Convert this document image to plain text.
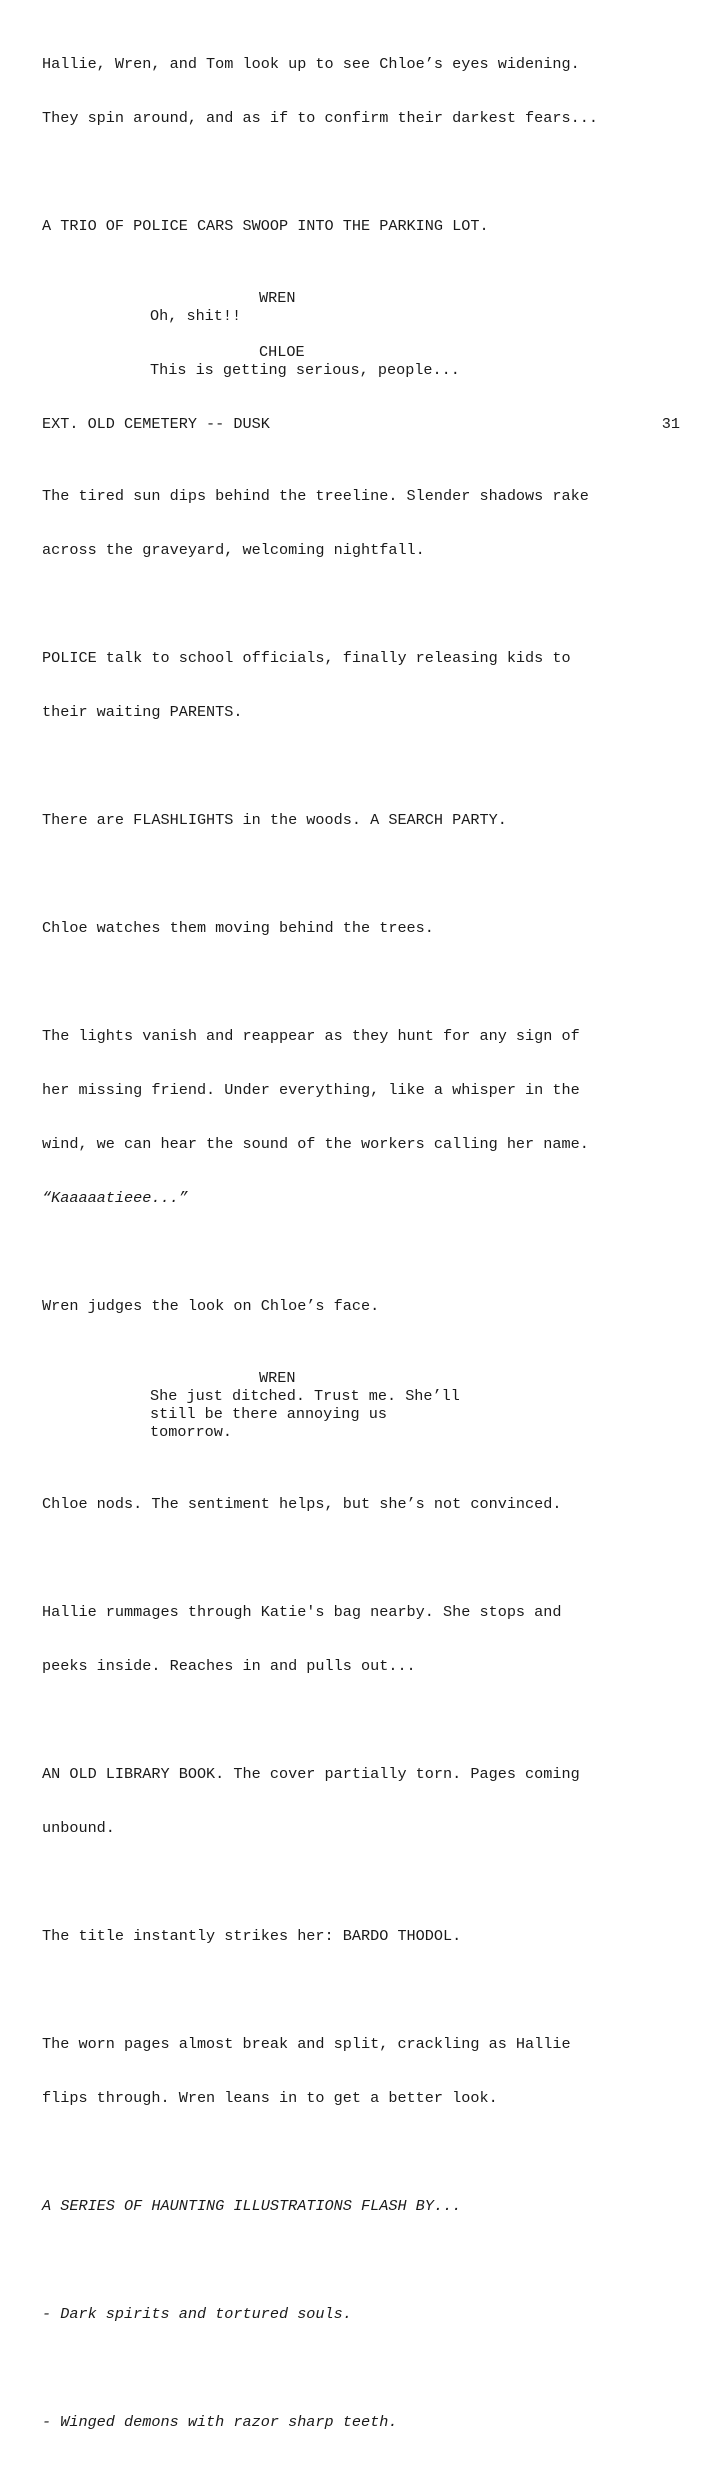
Hallie, Wren, and Tom look up to see Chloe’s eyes widening.

They spin around, and as if to confirm their darkest fears...

A TRIO OF POLICE CARS SWOOP INTO THE PARKING LOT.

WREN
Oh, shit!!
CHLOE
This is getting serious, people...
EXT. OLD CEMETERY -- DUSK	31

The tired sun dips behind the treeline. Slender shadows rake

across the graveyard, welcoming nightfall.

POLICE talk to school officials, finally releasing kids to

their waiting PARENTS.

There are FLASHLIGHTS in the woods. A SEARCH PARTY.

Chloe watches them moving behind the trees.

The lights vanish and reappear as they hunt for any sign of

her missing friend. Under everything, like a whisper in the

wind, we can hear the sound of the workers calling her name.

“Kaaaaatieee...”

Wren judges the look on Chloe’s face.

WREN
She just ditched. Trust me. She’ll
still be there annoying us
tomorrow.

Chloe nods. The sentiment helps, but she’s not convinced.

Hallie rummages through Katie's bag nearby. She stops and

peeks inside. Reaches in and pulls out...

AN OLD LIBRARY BOOK. The cover partially torn. Pages coming

unbound.

The title instantly strikes her: BARDO THODOL.

The worn pages almost break and split, crackling as Hallie

flips through. Wren leans in to get a better look.

A SERIES OF HAUNTING ILLUSTRATIONS FLASH BY...

- Dark spirits and tortured souls.

- Winged demons with razor sharp teeth.
